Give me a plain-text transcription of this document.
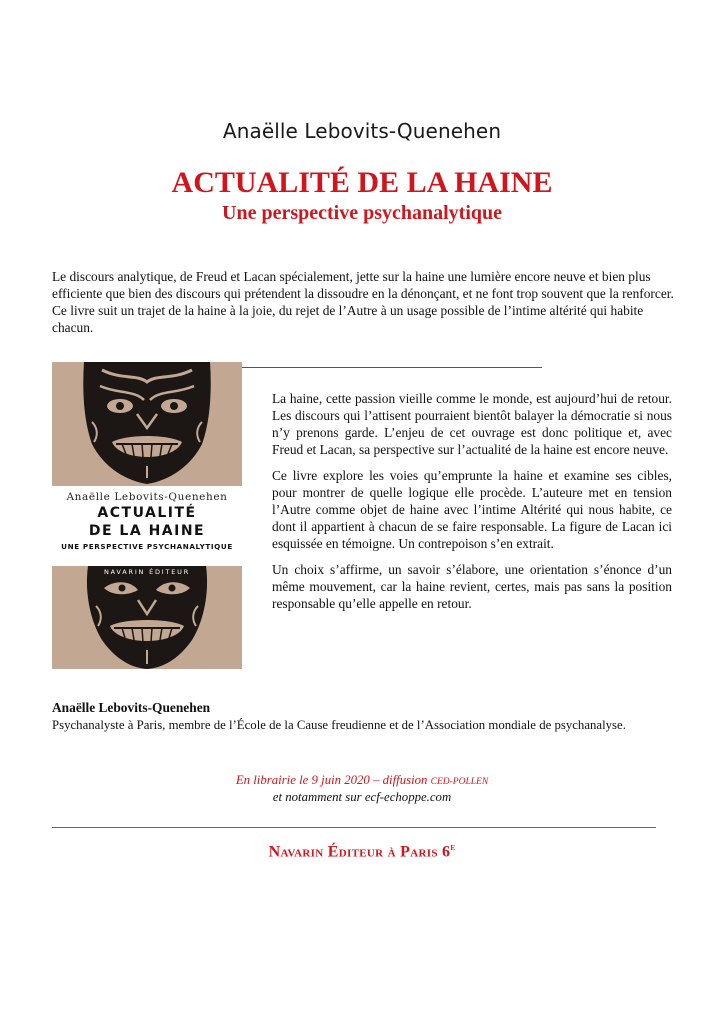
Anaëlle Lebovits-Quenehen
ACTUALITÉ DE LA HAINE
Une perspective psychanalytique

Le discours analytique, de Freud et Lacan spécialement, jette sur la haine une lumière encore neuve et bien plus efficiente que bien des discours qui prétendent la dissoudre en la dénonçant, et ne font trop souvent que la renforcer.

Ce livre suit un trajet de la haine à la joie, du rejet de l’Autre à un usage possible de l’intime altérité qui habite chacun.

Anaëlle Lebovits-Quenehen
ACTUALITÉ
DE LA HAINE
UNE PERSPECTIVE PSYCHANALYTIQUE
NAVARIN ÉDITEUR

La haine, cette passion vieille comme le monde, est aujourd’hui de retour. Les discours qui l’attisent pourraient bientôt balayer la démocratie si nous n’y prenons garde. L’enjeu de cet ouvrage est donc politique et, avec Freud et Lacan, sa perspective sur l’actualité de la haine est encore neuve.

Ce livre explore les voies qu’emprunte la haine et examine ses cibles, pour montrer de quelle logique elle procède. L’auteure met en tension l’Autre comme objet de haine avec l’intime Altérité qui nous habite, ce dont il appartient à chacun de se faire responsable. La figure de Lacan ici esquissée en témoigne. Un contrepoison s’en extrait.

Un choix s’affirme, un savoir s’élabore, une orientation s’énonce d’un même mouvement, car la haine revient, certes, mais pas sans la position responsable qu’elle appelle en retour.

Anaëlle Lebovits-Quenehen
Psychanalyste à Paris, membre de l’École de la Cause freudienne et de l’Association mondiale de psychanalyse.
En librairie le 9 juin 2020 – diffusion CED-POLLEN
et notamment sur ecf-echoppe.com
Navarin Éditeur à Paris 6e
